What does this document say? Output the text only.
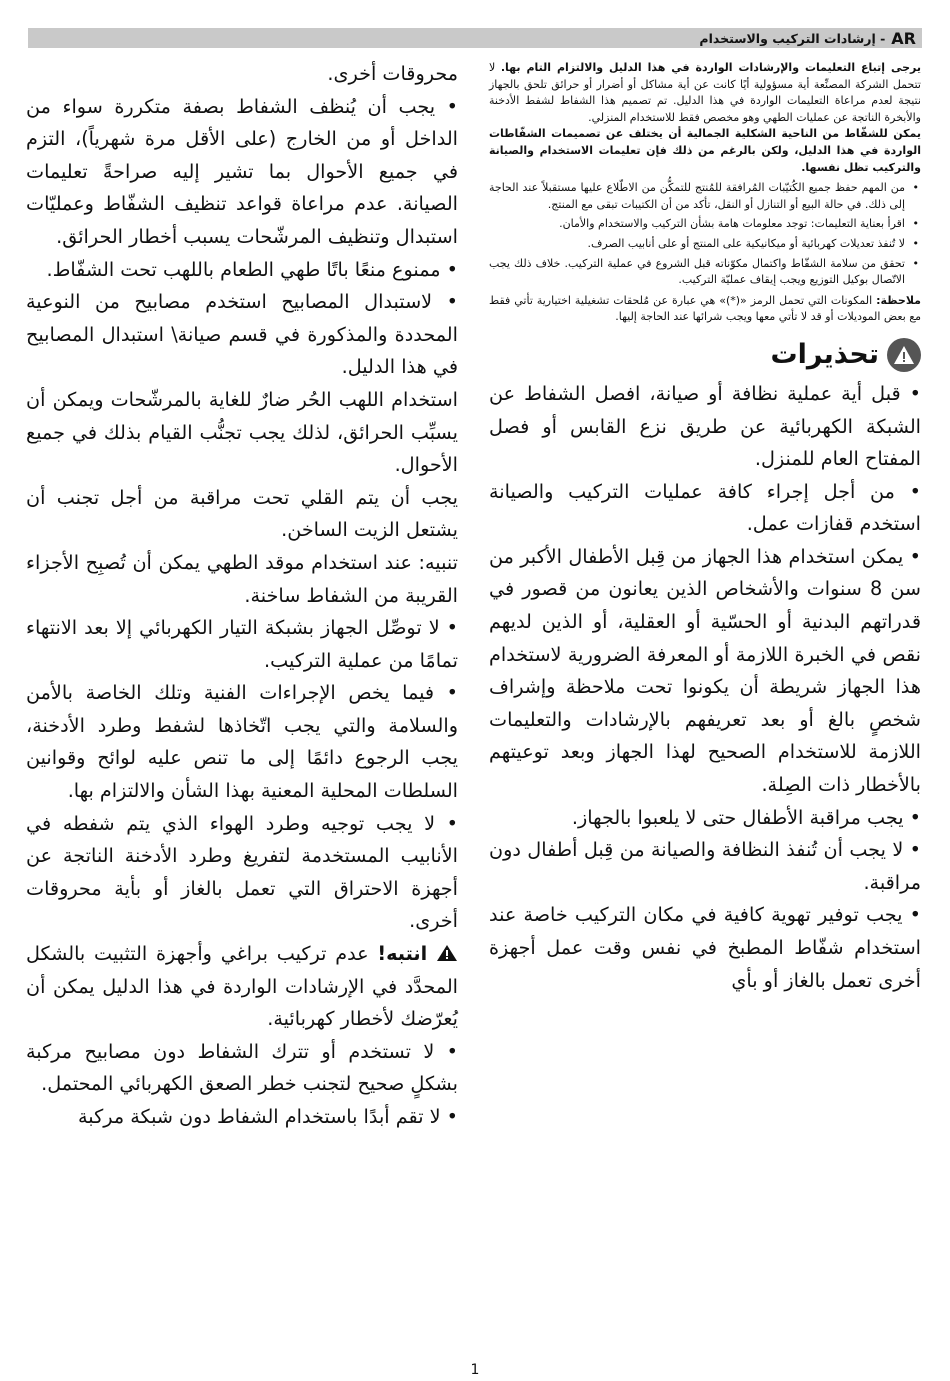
AR
- إرشادات التركيب والاستخدام

يرجى إتباع التعليمات والإرشادات الواردة في هذا الدليل والالتزام التام بها. لا تتحمل الشركة المصنِّعة أية مسؤولية أيًا كانت عن أية مشاكل أو أضرار أو حرائق تلحق بالجهاز نتيجة لعدم مراعاة التعليمات الواردة في هذا الدليل. تم تصميم هذا الشفاط لشفط الأدخنة والأبخرة الناتجة عن عمليات الطهي وهو مخصص فقط للاستخدام المنزلي.

يمكن للشفّاط من الناحية الشكلية الجمالية أن يختلف عن تصميمات الشفّاطات الواردة في هذا الدليل، ولكن بالرغم من ذلك فإن تعليمات الاستخدام والصيانة والتركيب تظل نفسها.

• من المهم حفظ جميع الكُتيّبات المُرافقة للمُنتج للتمكُّن من الاطّلاع عليها مستقبلاً عند الحاجة إلى ذلك. في حالة البيع أو التنازل أو النقل، تأكد من أن الكتيبات تبقى مع المنتج.
• اقرأ بعناية التعليمات: توجد معلومات هامة بشأن التركيب والاستخدام والأمان.
• لا تُنفذ تعديلات كهربائية أو ميكانيكية على المنتج أو على أنابيب الصرف.
• تحقق من سلامة الشفّاط واكتمال مكوّناته قبل الشروع في عملية التركيب. خلاف ذلك يجب الاتّصال بوكيل التوزيع ويجب إيقاف عمليّة التركيب.

ملاحظة: المكونات التي تحمل الرمز «(*)» هي عبارة عن مُلحقات تشغيلية اختيارية تأتي فقط مع بعض الموديلات أو قد لا تأتي معها ويجب شرائها عند الحاجة إليها.

تحذيرات

• قبل أية عملية نظافة أو صيانة، افصل الشفاط عن الشبكة الكهربائية عن طريق نزع القابس أو فصل المفتاح العام للمنزل.

• من أجل إجراء كافة عمليات التركيب والصيانة استخدم قفازات عمل.

• يمكن استخدام هذا الجهاز من قِبل الأطفال الأكبر من سن 8 سنوات والأشخاص الذين يعانون من قصور في قدراتهم البدنية أو الحسّية أو العقلية، أو الذين لديهم نقص في الخبرة اللازمة أو المعرفة الضرورية لاستخدام هذا الجهاز شريطة أن يكونوا تحت ملاحظة وإشراف شخصٍ بالغ أو بعد تعريفهم بالإرشادات والتعليمات اللازمة للاستخدام الصحيح لهذا الجهاز وبعد توعيتهم بالأخطار ذات الصِلة.

• يجب مراقبة الأطفال حتى لا يلعبوا بالجهاز.

• لا يجب أن تُنفذ النظافة والصيانة من قِبل أطفال دون مراقبة.

• يجب توفير تهوية كافية في مكان التركيب خاصة عند استخدام شفّاط المطبخ في نفس وقت عمل أجهزة أخرى تعمل بالغاز أو بأي

محروقات أخرى.

• يجب أن يُنظف الشفاط بصفة متكررة سواء من الداخل أو من الخارج (على الأقل مرة شهرياً)، التزم في جميع الأحوال بما تشير إليه صراحةً تعليمات الصيانة. عدم مراعاة قواعد تنظيف الشفّاط وعمليّات استبدال وتنظيف المرشّحات يسبب أخطار الحرائق.

• ممنوع منعًا باتًا طهي الطعام باللهب تحت الشفّاط.

• لاستبدال المصابيح استخدم مصابيح من النوعية المحددة والمذكورة في قسم صيانة\ استبدال المصابيح في هذا الدليل.

استخدام اللهب الحُر ضارٌ للغاية بالمرشّحات ويمكن أن يسبِّب الحرائق، لذلك يجب تجنُّب القيام بذلك في جميع الأحوال.

يجب أن يتم القلي تحت مراقبة من أجل تجنب أن يشتعل الزيت الساخن.

تنبيه: عند استخدام موقد الطهي يمكن أن تُصبِح الأجزاء القريبة من الشفاط ساخنة.

• لا توصِّل الجهاز بشبكة التيار الكهربائي إلا بعد الانتهاء تمامًا من عملية التركيب.

• فيما يخص الإجراءات الفنية وتلك الخاصة بالأمن والسلامة والتي يجب اتّخاذها لشفط وطرد الأدخنة، يجب الرجوع دائمًا إلى ما تنص عليه لوائح وقوانين السلطات المحلية المعنية بهذا الشأن والالتزام بها.

• لا يجب توجيه وطرد الهواء الذي يتم شفطه في الأنابيب المستخدمة لتفريغ وطرد الأدخنة الناتجة عن أجهزة الاحتراق التي تعمل بالغاز أو بأية محروقات أخرى.

انتبه! عدم تركيب براغي وأجهزة التثبيت بالشكل المحدَّد في الإرشادات الواردة في هذا الدليل يمكن أن يُعرّضك لأخطار كهربائية.

• لا تستخدم أو تترك الشفاط دون مصابيح مركبة بشكلٍ صحيح لتجنب خطر الصعق الكهربائي المحتمل.

• لا تقم أبدًا باستخدام الشفاط دون شبكة مركبة

1
